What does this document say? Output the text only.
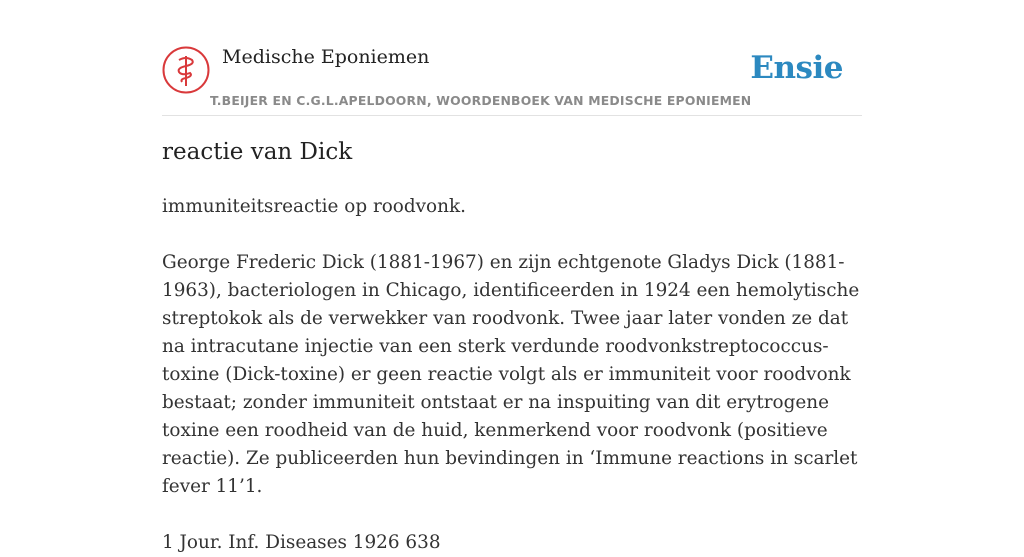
Medische Eponiemen
T.BEIJER EN C.G.L.APELDOORN, WOORDENBOEK VAN MEDISCHE EPONIEMEN
Ensie
reactie van Dick

immuniteitsreactie op roodvonk.

George Frederic Dick (1881-1967) en zijn echtgenote Gladys Dick (1881-1963), bacteriologen in Chicago, identificeerden in 1924 een hemolytische streptokok als de verwekker van roodvonk. Twee jaar later vonden ze dat na intracutane injectie van een sterk verdunde roodvonkstreptococcus-toxine (Dick-toxine) er geen reactie volgt als er immuniteit voor roodvonk bestaat; zonder immuniteit ontstaat er na inspuiting van dit erytrogene toxine een roodheid van de huid, kenmerkend voor roodvonk (positieve reactie). Ze publiceerden hun bevindingen in ‘Immune reactions in scarlet fever 11’1.

1 Jour. Inf. Diseases 1926 638
